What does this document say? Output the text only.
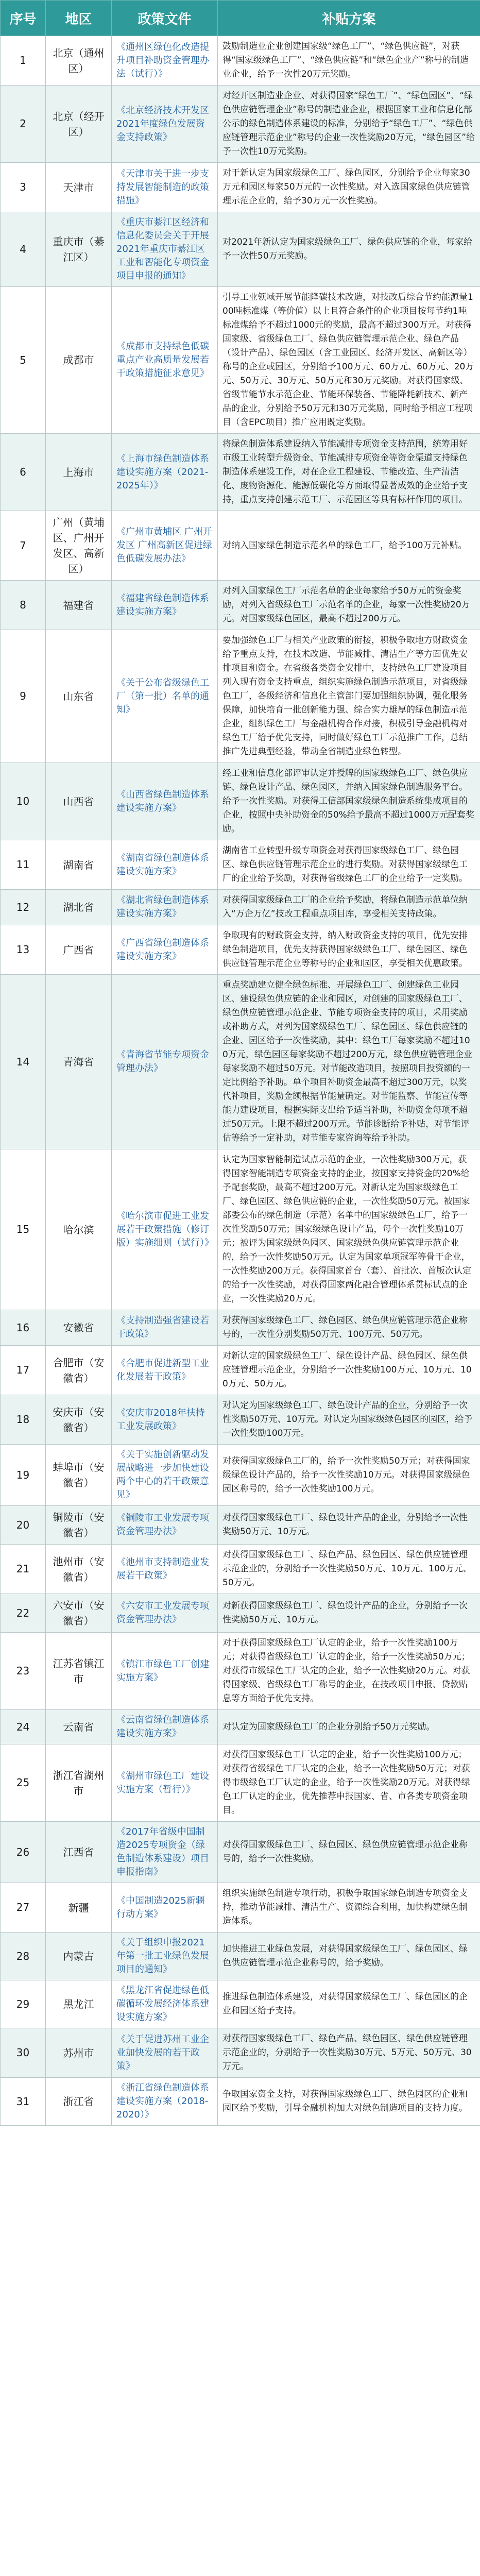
序号	地区	政策文件	补贴方案
1	北京（通州区）	《通州区绿色化改造提升项目补助资金管理办法（试行）》	鼓励制造业企业创建国家级“绿色工厂”、“绿色供应链”，对获得“国家级绿色工厂”、“绿色供应链”和“绿色企业产”称号的制造业企业，给予一次性20万元奖励。
2	北京（经开区）	《北京经济技术开发区2021年度绿色发展资金支持政策》	对经开区制造业企业、对获得国家“绿色工厂”、“绿色园区”、“绿色供应链管理企业”称号的制造业企业，根据国家工业和信息化部公示的绿色制造体系建设的标准，分别给予“绿色工厂”、“绿色供应链管理示范企业”称号的企业一次性奖励20万元，“绿色园区”给予一次性10万元奖励。
3	天津市	《天津市关于进一步支持发展智能制造的政策措施》	对于新认定为国家级绿色工厂、绿色园区，分别给予企业每家30万元和园区每家50万元的一次性奖励。对入选国家绿色供应链管理示范企业的，给予30万元一次性奖励。
4	重庆市（綦江区）	《重庆市綦江区经济和信息化委员会关于开展2021年重庆市綦江区工业和智能化专项资金项目申报的通知》	对2021年新认定为国家级绿色工厂、绿色供应链的企业，每家给予一次性50万元奖励。
5	成都市	《成都市支持绿色低碳重点产业高质量发展若干政策措施征求意见》	引导工业领域开展节能降碳技术改造，对技改后综合节约能源量100吨标准煤（等价值）以上且符合条件的企业项目按每节约1吨标准煤给予不超过1000元的奖励，最高不超过300万元。对获得国家级、省级绿色工厂、绿色供应链管理示范企业、绿色产品（设计产品）、绿色园区（含工业园区、经济开发区、高新区等）称号的企业或园区，分别给予100万元、60万元、60万元、20万元、50万元、30万元、50万元和30万元奖励。对获得国家级、省级节能节水示范企业、节能环保装备、节能降耗新技术、新产品的企业，分别给予50万元和30万元奖励，同时给予相应工程项目（含EPC项目）推广应用既定奖励。
6	上海市	《上海市绿色制造体系建设实施方案（2021-2025年）》	将绿色制造体系建设纳入节能减排专项资金支持范围，统筹用好市级工业转型升级资金、节能减排专项资金等资金渠道支持绿色制造体系建设工作，对在企业工程建设、节能改造、生产清洁化、废物资源化、能源低碳化等方面取得显著成效的企业给予支持，重点支持创建示范工厂、示范园区等具有标杆作用的项目。
7	广州（黄埔区、广州开发区、高新区）	《广州市黄埔区 广州开发区 广州高新区促进绿色低碳发展办法》	对纳入国家绿色制造示范名单的绿色工厂，给予100万元补贴。
8	福建省	《福建省绿色制造体系建设实施方案》	对列入国家绿色工厂示范名单的企业每家给予50万元的资金奖励，对列入省级绿色工厂示范名单的企业，每家一次性奖励20万元。对国家级绿色园区，最高不超过200万元。
9	山东省	《关于公布省级绿色工厂（第一批）名单的通知》	要加强绿色工厂与相关产业政策的衔接，积极争取地方财政资金给予重点支持，在技术改造、节能减排、清洁生产等方面优先安排项目和资金。在省级各类资金安排中，支持绿色工厂建设项目列入现有资金支持重点，组织实施绿色制造示范项目，对省级绿色工厂，各级经济和信息化主管部门要加强组织协调，强化服务保障，加快培育一批创新能力强、综合实力雄厚的绿色制造示范企业，组织绿色工厂与金融机构合作对接，积极引导金融机构对绿色工厂给予优先支持，同时做好绿色工厂示范推广工作，总结推广先进典型经验，带动全省制造业绿色转型。
10	山西省	《山西省绿色制造体系建设实施方案》	经工业和信息化部评审认定并授牌的国家级绿色工厂、绿色供应链、绿色设计产品、绿色园区，并纳入国家绿色制造服务平台。给予一次性奖励。对获得工信部国家级绿色制造系统集成项目的企业，按照中央补助资金的50%给予最高不超过1000万元配套奖励。
11	湖南省	《湖南省绿色制造体系建设实施方案》	湖南省工业转型升级专项资金对获得国家级绿色工厂、绿色园区、绿色供应链管理示范企业的进行奖励。对获得国家级绿色工厂的企业给予奖励，对获得省级绿色工厂的企业给予一定奖励。
12	湖北省	《湖北省绿色制造体系建设实施方案》	对获得国家级绿色工厂的企业给予奖励，将绿色制造示范单位纳入“万企万亿”技改工程重点项目库，享受相关支持政策。
13	广西省	《广西省绿色制造体系建设实施方案》	争取现有的财政资金支持，纳入财政资金支持的项目，优先安排绿色制造项目，优先支持获得国家级绿色工厂、绿色园区、绿色供应链管理示范企业等称号的企业和园区，享受相关优惠政策。
14	青海省	《青海省节能专项资金管理办法》	重点奖励建立健全绿色标准、开展绿色工厂、创建绿色工业园区、建设绿色供应链的企业和园区，对创建的国家级绿色工厂、绿色供应链管理示范企业、节能专项资金支持的项目，采用奖励或补助方式，对列为国家级绿色工厂、绿色园区、绿色供应链的企业、园区给予一次性奖励，其中：绿色工厂每家奖励不超过100万元，绿色园区每家奖励不超过200万元，绿色供应链管理企业每家奖励不超过50万元。对节能改造项目，按照项目投资额的一定比例给予补助。单个项目补助资金最高不超过300万元，以奖代补项目，奖励金额根据节能量确定。对节能监察、节能宣传等能力建设项目，根据实际支出给予适当补助，补助资金每项不超过50万元。上限不超过200万元。节能诊断给予补贴，对节能评估等给予一定补助，对节能专家咨询等给予补助。
15	哈尔滨	《哈尔滨市促进工业发展若干政策措施（修订版）实施细则（试行）》	认定为国家智能制造试点示范的企业，一次性奖励300万元，获得国家智能制造专项资金支持的企业，按国家支持资金的20%给予配套奖励，最高不超过200万元。对新认定为国家级绿色工厂、绿色园区、绿色供应链的企业，一次性奖励50万元。被国家部委公布的绿色制造（示范）名单中的国家级绿色工厂，给予一次性奖励50万元；国家级绿色设计产品，每个一次性奖励10万元；被评为国家级绿色园区、国家级绿色供应链管理示范企业的，给予一次性奖励50万元。认定为国家单项冠军等骨干企业，一次性奖励200万元。获得国家首台（套）、首批次、首版次认定的给予一次性奖励，对获得国家两化融合管理体系贯标试点的企业，一次性奖励20万元。
16	安徽省	《支持制造强省建设若干政策》	对获得国家级绿色工厂、绿色园区、绿色供应链管理示范企业称号的，一次性分别奖励50万元、100万元、50万元。
17	合肥市（安徽省）	《合肥市促进新型工业化发展若干政策》	对新认定的国家级绿色工厂、绿色设计产品、绿色园区、绿色供应链管理示范企业，分别给予一次性奖励100万元、10万元、100万元、50万元。
18	安庆市（安徽省）	《安庆市2018年扶持工业发展政策》	对认定为国家级绿色工厂、绿色设计产品的企业，分别给予一次性奖励50万元、10万元。对认定为国家级绿色园区的园区，给予一次性奖励100万元。
19	蚌埠市（安徽省）	《关于实施创新驱动发展战略进一步加快建设两个中心的若干政策意见》	对获得国家级绿色工厂的，给予一次性奖励50万元；对获得国家级绿色设计产品的，给予一次性奖励10万元。对获得国家级绿色园区称号的，给予一次性奖励100万元。
20	铜陵市（安徽省）	《铜陵市工业发展专项资金管理办法》	对获得国家级绿色工厂、绿色设计产品的企业，分别给予一次性奖励50万元、10万元。
21	池州市（安徽省）	《池州市支持制造业发展若干政策》	对获得国家级绿色工厂、绿色产品、绿色园区、绿色供应链管理示范企业的，分别给予一次性奖励50万元、10万元、100万元、50万元。
22	六安市（安徽省）	《六安市工业发展专项资金管理办法》	对新获得国家级绿色工厂、绿色设计产品的企业，分别给予一次性奖励50万元、10万元。
23	江苏省镇江市	《镇江市绿色工厂创建实施方案》	对于获得国家级绿色工厂认定的企业，给予一次性奖励100万元；对获得省级绿色工厂认定的企业，给予一次性奖励50万元；对获得市级绿色工厂认定的企业，给予一次性奖励20万元。对获得国家级、省级绿色工厂称号的企业，在技改项目申报、贷款贴息等方面给予优先支持。
24	云南省	《云南省绿色制造体系建设实施方案》	对认定为国家级绿色工厂的企业分别给予50万元奖励。
25	浙江省湖州市	《湖州市绿色工厂建设实施方案（暂行）》	对获得国家级绿色工厂认定的企业，给予一次性奖励100万元；对获得省级绿色工厂认定的企业，给予一次性奖励50万元；对获得市级绿色工厂认定的企业，给予一次性奖励20万元。对获得绿色工厂认定的企业，优先推荐申报国家、省、市各类专项资金项目。
26	江西省	《2017年省级中国制造2025专项资金（绿色制造体系建设）项目申报指南》	对获得国家级绿色工厂、绿色园区、绿色供应链管理示范企业称号的，给予一次性奖励。
27	新疆	《中国制造2025新疆行动方案》	组织实施绿色制造专项行动，积极争取国家绿色制造专项资金支持，推动节能减排、清洁生产、资源综合利用，加快构建绿色制造体系。
28	内蒙古	《关于组织申报2021年第一批工业绿色发展项目的通知》	加快推进工业绿色发展，对获得国家级绿色工厂、绿色园区、绿色供应链管理示范企业称号的，给予奖励。
29	黑龙江	《黑龙江省促进绿色低碳循环发展经济体系建设实施方案》	推进绿色制造体系建设，对获得国家级绿色工厂、绿色园区的企业和园区给予支持。
30	苏州市	《关于促进苏州工业企业加快发展的若干政策》	对获得国家级绿色工厂、绿色产品、绿色园区、绿色供应链管理示范企业的，分别给予一次性奖励30万元、5万元、50万元、30万元。
31	浙江省	《浙江省绿色制造体系建设实施方案（2018-2020）》	争取国家资金支持，对获得国家级绿色工厂、绿色园区的企业和园区给予奖励，引导金融机构加大对绿色制造项目的支持力度。
